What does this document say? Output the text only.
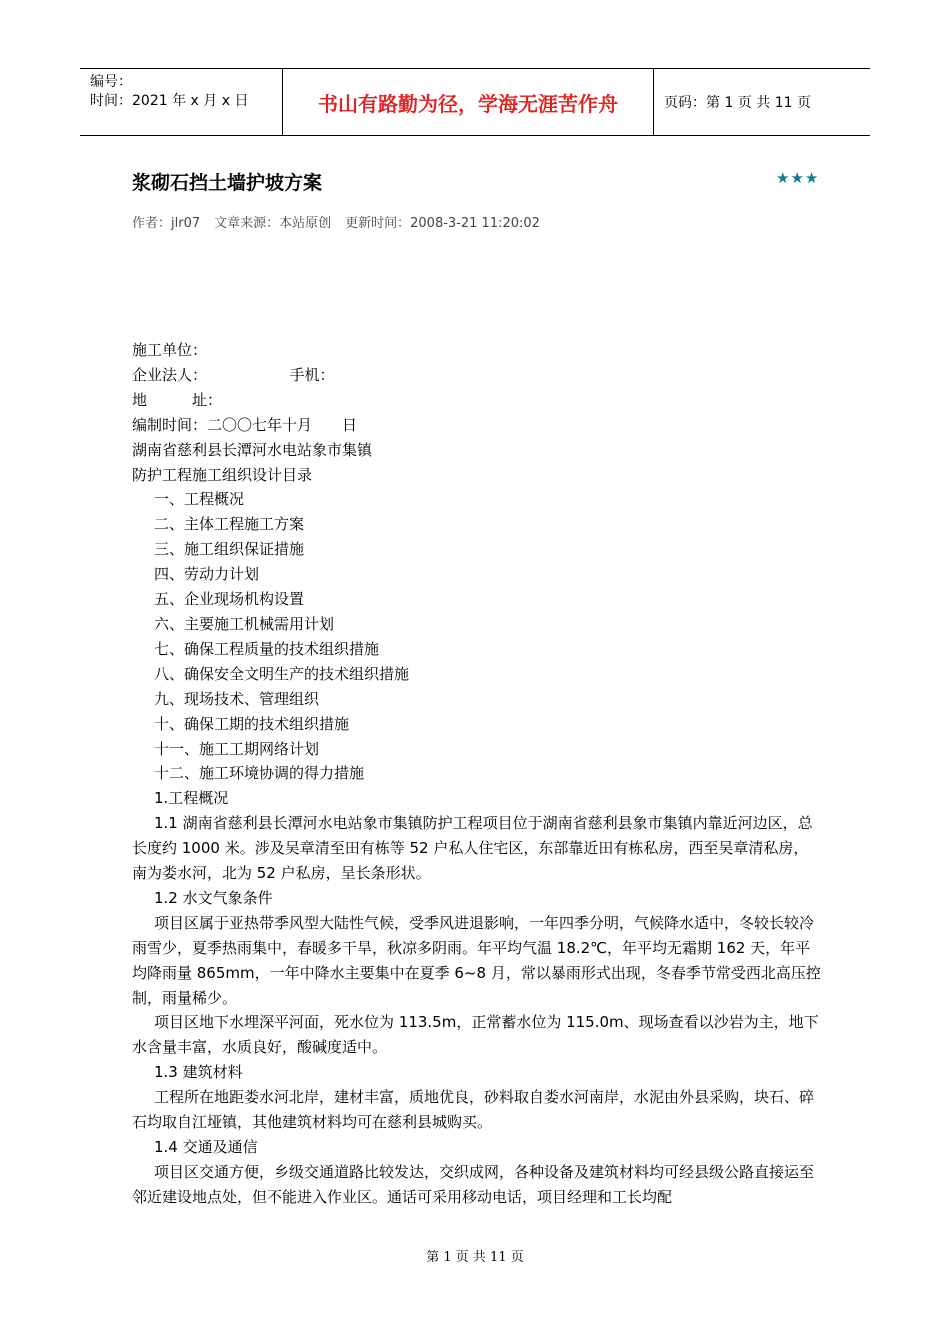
编号：
时间：2021 年 x 月 x 日	书山有路勤为径，学海无涯苦作舟	页码：第 1 页 共 11 页
浆砌石挡土墙护坡方案	★★★
作者：jlr07 文章来源：本站原创 更新时间：2008-3-21 11:20:02

施工单位：

企业法人：　　　　　　手机：

地　　　址：

编制时间：二〇〇七年十月　　日

湖南省慈利县长潭河水电站象市集镇

防护工程施工组织设计目录

一、工程概况

二、主体工程施工方案

三、施工组织保证措施

四、劳动力计划

五、企业现场机构设置

六、主要施工机械需用计划

七、确保工程质量的技术组织措施

八、确保安全文明生产的技术组织措施

九、现场技术、管理组织

十、确保工期的技术组织措施

十一、施工工期网络计划

十二、施工环境协调的得力措施

1.工程概况

1.1 湖南省慈利县长潭河水电站象市集镇防护工程项目位于湖南省慈利县象市集镇内靠近河边区，总长度约 1000 米。涉及吴章清至田有栋等 52 户私人住宅区，东部靠近田有栋私房，西至吴章清私房，南为娄水河，北为 52 户私房，呈长条形状。

1.2 水文气象条件

项目区属于亚热带季风型大陆性气候，受季风进退影响，一年四季分明，气候降水适中，冬较长较冷雨雪少，夏季热雨集中，春暖多干旱，秋凉多阴雨。年平均气温 18.2℃，年平均无霜期 162 天，年平均降雨量 865mm，一年中降水主要集中在夏季 6~8 月，常以暴雨形式出现，冬春季节常受西北高压控制，雨量稀少。

项目区地下水埋深平河面，死水位为 113.5m，正常蓄水位为 115.0m、现场查看以沙岩为主，地下水含量丰富，水质良好，酸碱度适中。

1.3 建筑材料

工程所在地距娄水河北岸，建材丰富，质地优良，砂料取自娄水河南岸，水泥由外县采购，块石、碎石均取自江垭镇，其他建筑材料均可在慈利县城购买。

1.4 交通及通信

项目区交通方便，乡级交通道路比较发达，交织成网，各种设备及建筑材料均可经县级公路直接运至邻近建设地点处，但不能进入作业区。通话可采用移动电话，项目经理和工长均配

第 1 页 共 11 页
